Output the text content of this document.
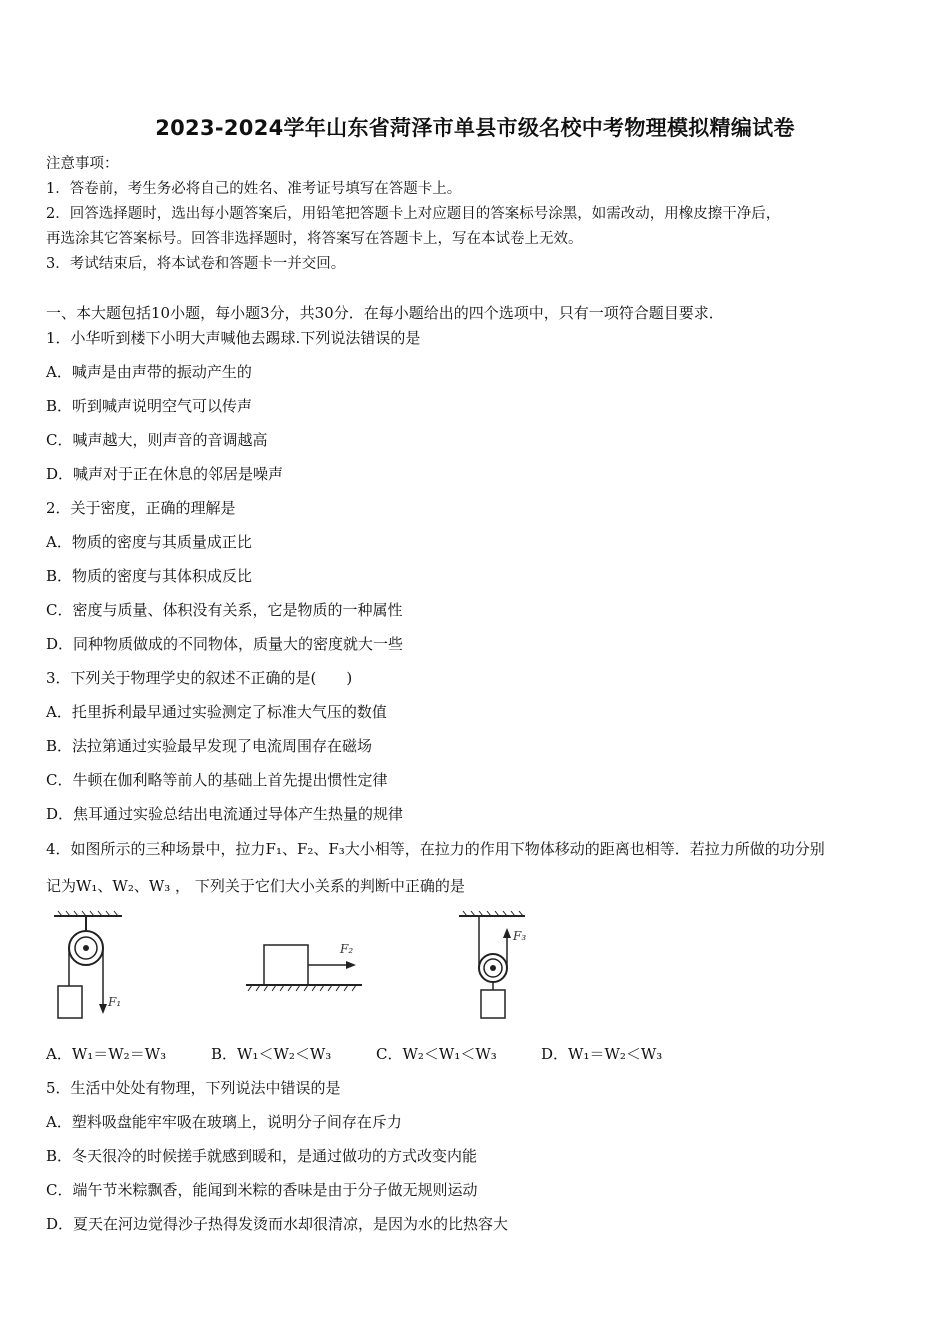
2023-2024学年山东省菏泽市单县市级名校中考物理模拟精编试卷
注意事项：
1．答卷前，考生务必将自己的姓名、准考证号填写在答题卡上。
2．回答选择题时，选出每小题答案后，用铅笔把答题卡上对应题目的答案标号涂黑，如需改动，用橡皮擦干净后，
再选涂其它答案标号。回答非选择题时，将答案写在答题卡上，写在本试卷上无效。
3．考试结束后，将本试卷和答题卡一并交回。
一、本大题包括10小题，每小题3分，共30分．在每小题给出的四个选项中，只有一项符合题目要求．
1．小华听到楼下小明大声喊他去踢球.下列说法错误的是
A．喊声是由声带的振动产生的
B．听到喊声说明空气可以传声
C．喊声越大，则声音的音调越高
D．喊声对于正在休息的邻居是噪声
2．关于密度，正确的理解是
A．物质的密度与其质量成正比
B．物质的密度与其体积成反比
C．密度与质量、体积没有关系，它是物质的一种属性
D．同种物质做成的不同物体，质量大的密度就大一些
3．下列关于物理学史的叙述不正确的是(　　)
A．托里拆利最早通过实验测定了标准大气压的数值
B．法拉第通过实验最早发现了电流周围存在磁场
C．牛顿在伽利略等前人的基础上首先提出惯性定律
D．焦耳通过实验总结出电流通过导体产生热量的规律
4．如图所示的三种场景中，拉力F₁、F₂、F₃大小相等，在拉力的作用下物体移动的距离也相等．若拉力所做的功分别
记为W₁、W₂、W₃ ， 下列关于它们大小关系的判断中正确的是
F₁
F₂
F₃
A．W₁＝W₂＝W₃	B．W₁＜W₂＜W₃	C．W₂＜W₁＜W₃	D．W₁＝W₂＜W₃
5．生活中处处有物理，下列说法中错误的是
A．塑料吸盘能牢牢吸在玻璃上，说明分子间存在斥力
B．冬天很冷的时候搓手就感到暖和，是通过做功的方式改变内能
C．端午节米粽飘香，能闻到米粽的香味是由于分子做无规则运动
D．夏天在河边觉得沙子热得发烫而水却很清凉，是因为水的比热容大
